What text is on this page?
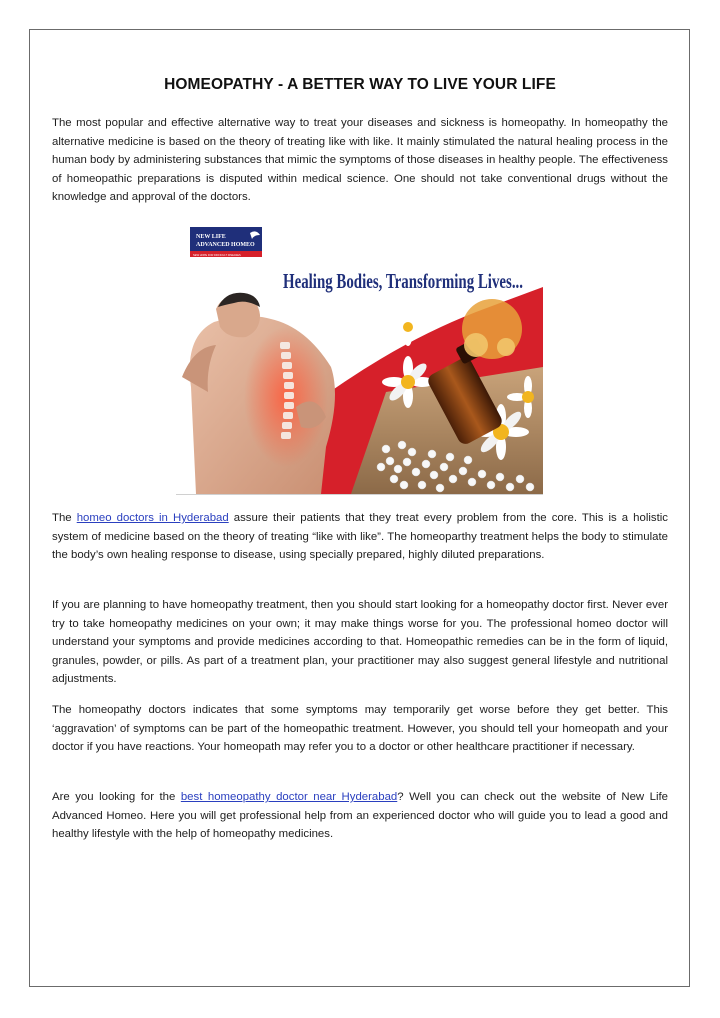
HOMEOPATHY - A BETTER WAY TO LIVE YOUR LIFE

The most popular and effective alternative way to treat your diseases and sickness is homeopathy. In homeopathy the alternative medicine is based on the theory of treating like with like. It mainly stimulated the natural healing process in the human body by administering substances that mimic the symptoms of those diseases in healthy people. The effectiveness of homeopathic preparations is disputed within medical science. One should not take conventional drugs without the knowledge and approval of the doctors.

NEW LIFE
ADVANCED HOMEO
NEW HOPE FOR DIFFICULT DISEASES
Healing Bodies, Transforming Lives...

The homeo doctors in Hyderabad assure their patients that they treat every problem from the core. This is a holistic system of medicine based on the theory of treating “like with like”. The homeoparthy treatment helps the body to stimulate the body’s own healing response to disease, using specially prepared, highly diluted preparations.

If you are planning to have homeopathy treatment, then you should start looking for a homeopathy doctor first. Never ever try to take homeopathy medicines on your own; it may make things worse for you. The professional homeo doctor will understand your symptoms and provide medicines according to that. Homeopathic remedies can be in the form of liquid, granules, powder, or pills. As part of a treatment plan, your practitioner may also suggest general lifestyle and nutritional adjustments.

The homeopathy doctors indicates that some symptoms may temporarily get worse before they get better. This ‘aggravation’ of symptoms can be part of the homeopathic treatment. However, you should tell your homeopath and your doctor if you have reactions. Your homeopath may refer you to a doctor or other healthcare practitioner if necessary.

Are you looking for the best homeopathy doctor near Hyderabad? Well you can check out the website of New Life Advanced Homeo. Here you will get professional help from an experienced doctor who will guide you to lead a good and healthy lifestyle with the help of homeopathy medicines.
